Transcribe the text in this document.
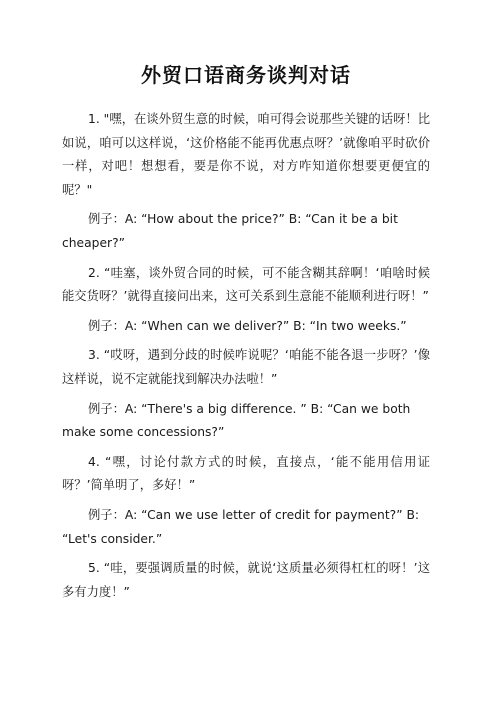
外贸口语商务谈判对话

1. "嘿，在谈外贸生意的时候，咱可得会说那些关键的话呀！比如说，咱可以这样说，‘这价格能不能再优惠点呀？’就像咱平时砍价一样，对吧！想想看，要是你不说，对方咋知道你想要更便宜的呢？"

例子：A: “How about the price?” B: “Can it be a bit cheaper?”

2. “哇塞，谈外贸合同的时候，可不能含糊其辞啊！‘咱啥时候能交货呀？’就得直接问出来，这可关系到生意能不能顺利进行呀！”

例子：A: “When can we deliver?” B: “In two weeks.”

3. “哎呀，遇到分歧的时候咋说呢？‘咱能不能各退一步呀？’像这样说，说不定就能找到解决办法啦！”

例子：A: “There's a big difference. ” B: “Can we both make some concessions?”

4. “嘿，讨论付款方式的时候，直接点，‘能不能用信用证呀？’简单明了，多好！”

例子：A: “Can we use letter of credit for payment?” B: “Let's consider.”

5. “哇，要强调质量的时候，就说‘这质量必须得杠杠的呀！’这多有力度！”
